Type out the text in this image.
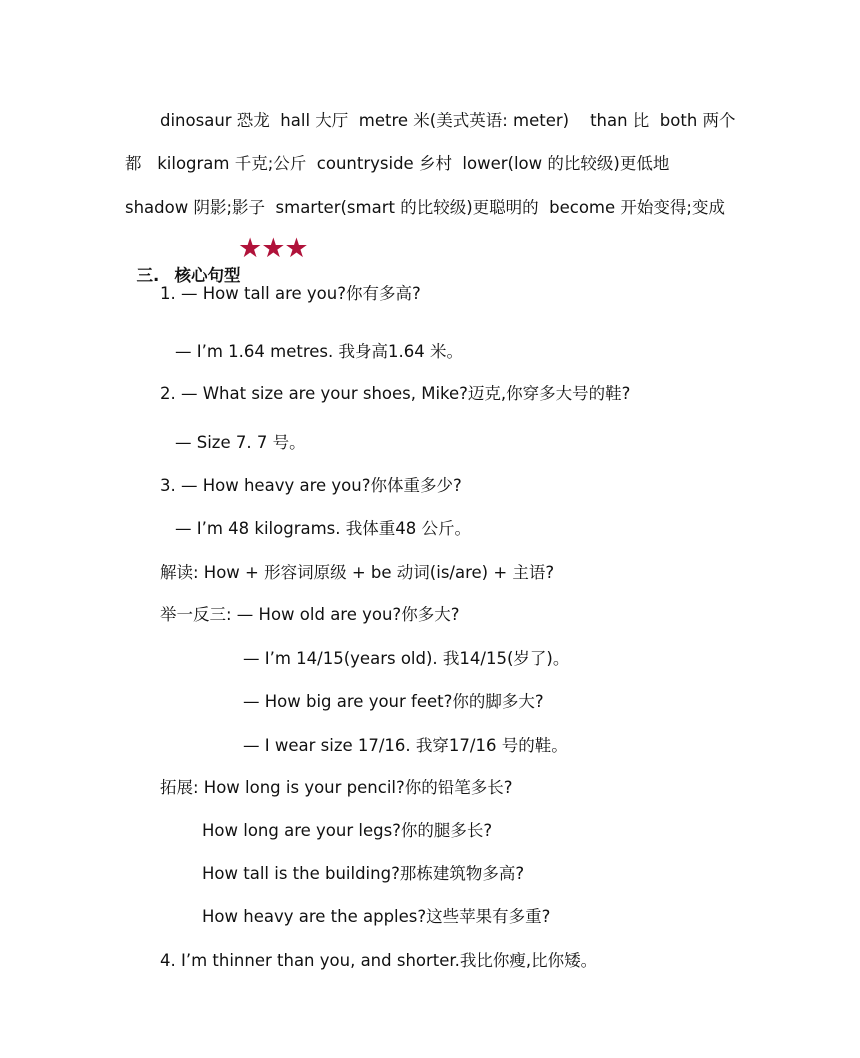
dinosaur 恐龙  hall 大厅  metre 米(美式英语: meter)    than 比  both 两个
都   kilogram 千克;公斤  countryside 乡村  lower(low 的比较级)更低地
shadow 阴影;影子  smarter(smart 的比较级)更聪明的  become 开始变得;变成

三. 核心句型

★★★
1. — How tall are you?你有多高?
— I’m 1.64 metres. 我身高1.64 米。
2. — What size are your shoes, Mike?迈克,你穿多大号的鞋?
— Size 7. 7 号。
3. — How heavy are you?你体重多少?
— I’m 48 kilograms. 我体重48 公斤。
解读: How + 形容词原级 + be 动词(is/are) + 主语?
举一反三: — How old are you?你多大?
— I’m 14/15(years old). 我14/15(岁了)。
— How big are your feet?你的脚多大?
— I wear size 17/16. 我穿17/16 号的鞋。
拓展: How long is your pencil?你的铅笔多长?
How long are your legs?你的腿多长?
How tall is the building?那栋建筑物多高?
How heavy are the apples?这些苹果有多重?
4. I’m thinner than you, and shorter.我比你瘦,比你矮。
